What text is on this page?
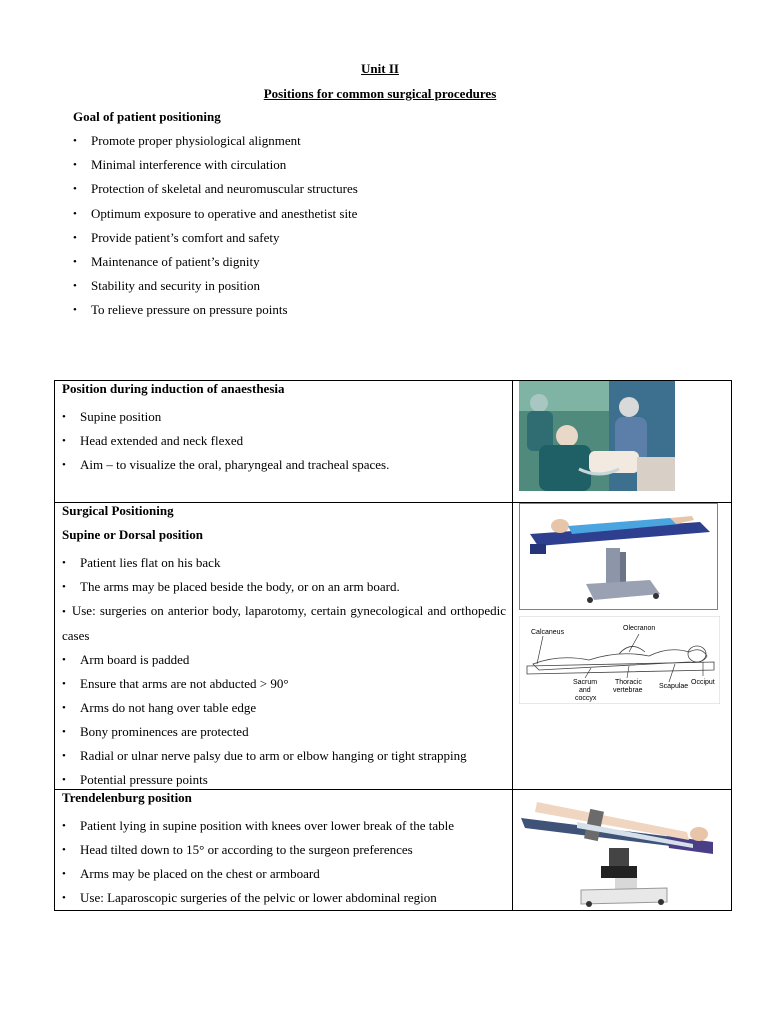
Unit II
Positions for common surgical procedures
Goal of patient positioning
• Promote proper physiological alignment
• Minimal interference with circulation
• Protection of skeletal and neuromuscular structures
• Optimum exposure to operative and anesthetist site
• Provide patient’s comfort and safety
• Maintenance of patient’s dignity
• Stability and security in position
• To relieve pressure on pressure points
Position during induction of anaesthesia
• Supine position
• Head extended and neck flexed
• Aim – to visualize the oral, pharyngeal and tracheal spaces.
Surgical Positioning
Supine or Dorsal position
• Patient lies flat on his back
• The arms may be placed beside the body, or on an arm board.
• Use: surgeries on anterior body, laparotomy, certain gynecological and orthopedic cases
• Arm board is padded
• Ensure that arms are not abducted > 90°
• Arms do not hang over table edge
• Bony prominences are protected
• Radial or ulnar nerve palsy due to arm or elbow hanging or tight strapping
• Potential pressure points
Calcaneus
Olecranon
Occiput
Sacrum
and
coccyx
Thoracic
vertebrae
Scapulae
Trendelenburg position
• Patient lying in supine position with knees over lower break of the table
• Head tilted down to 15° or according to the surgeon preferences
• Arms may be placed on the chest or armboard
• Use: Laparoscopic surgeries of the pelvic or lower abdominal region
